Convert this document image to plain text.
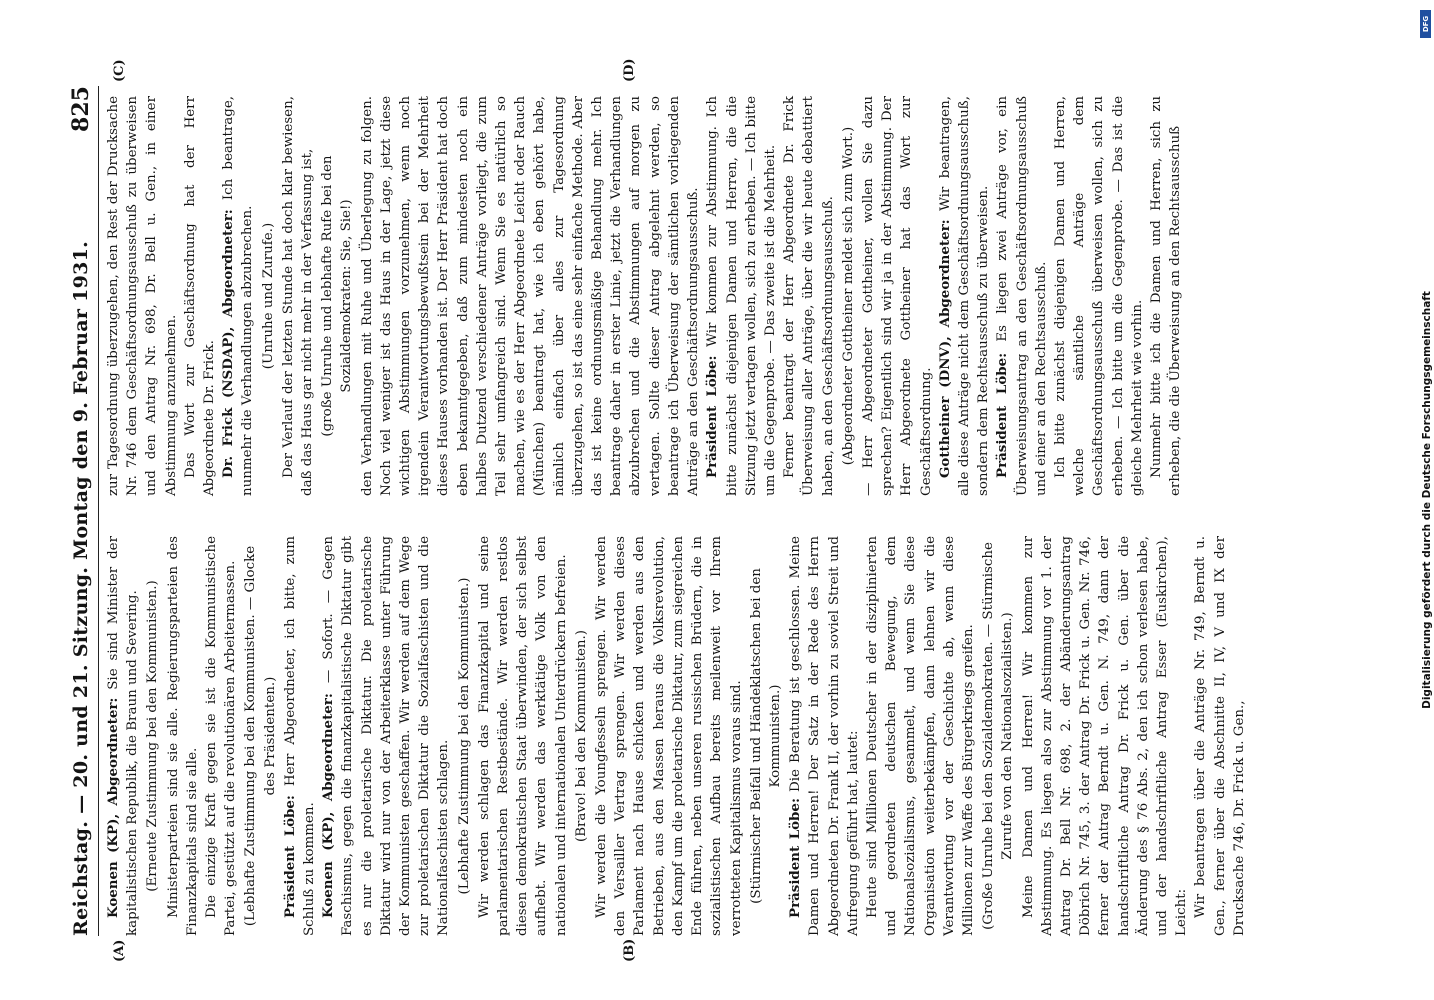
Reichstag. — 20. und 21. Sitzung. Montag den 9. Februar 1931.
825
(A)	(B)
(C)	(D)

Koenen (KP), Abgeordneter: Sie sind Minister der kapitalistischen Republik, die Braun und Severing. (Erneute Zustimmung bei den Kommunisten.) Ministerparteien sind sie alle. Regierungsparteien des Finanzkapitals sind sie alle. Die einzige Kraft gegen sie ist die Kommunistische Partei, gestützt auf die revolutionären Arbeitermassen. (Lebhafte Zustimmung bei den Kommunisten. — Glocke des Präsidenten.)

Präsident Löbe: Herr Abgeordneter, ich bitte, zum Schluß zu kommen. Koenen (KP), Abgeordneter: — Sofort. — Gegen Faschismus, gegen die finanzkapitalistische Diktatur gibt es nur die proletarische Diktatur. Die proletarische Diktatur wird nur von der Arbeiterklasse unter Führung der Kommunisten geschaffen. Wir werden auf dem Wege zur proletarischen Diktatur die Sozialfaschisten und die Nationalfaschisten schlagen. (Lebhafte Zustimmung bei den Kommunisten.) Wir werden schlagen das Finanzkapital und seine parlamentarischen Restbestände. Wir werden restlos diesen demokratischen Staat überwinden, der sich selbst aufhebt. Wir werden das werktätige Volk von den nationalen und internationalen Unterdrückern befreien. (Bravo! bei den Kommunisten.) Wir werden die Youngfesseln sprengen. Wir werden den Versailler Vertrag sprengen. Wir werden dieses Parlament nach Hause schicken und werden aus den Betrieben, aus den Massen heraus die Volksrevolution, den Kampf um die proletarische Diktatur, zum siegreichen Ende führen, neben unseren russischen Brüdern, die in sozialistischen Aufbau bereits meilenweit vor Ihrem verrotteten Kapitalismus voraus sind. (Stürmischer Beifall und Händeklatschen bei den Kommunisten.)

Präsident Löbe: Die Beratung ist geschlossen. Meine Damen und Herren! Der Satz in der Rede des Herrn Abgeordneten Dr. Frank II, der vorhin zu soviel Streit und Aufregung geführt hat, lautet: Heute sind Millionen Deutscher in der disziplinierten und geordneten deutschen Bewegung, dem Nationalsozialismus, gesammelt, und wenn Sie diese Organisation weiterbekämpfen, dann lehnen wir die Verantwortung vor der Geschichte ab, wenn diese Millionen zur Waffe des Bürgerkriegs greifen. (Große Unruhe bei den Sozialdemokraten. — Stürmische Zurufe von den Nationalsozialisten.) Meine Damen und Herren! Wir kommen zur Abstimmung. Es liegen also zur Abstimmung vor 1. der Antrag Dr. Bell Nr. 698, 2. der Abänderungsantrag Döbrich Nr. 745, 3. der Antrag Dr. Frick u. Gen. Nr. 746, ferner der Antrag Berndt u. Gen. N. 749, dann der handschriftliche Antrag Dr. Frick u. Gen. über die Änderung des § 76 Abs. 2, den ich schon verlesen habe, und der handschriftliche Antrag Esser (Euskirchen), Leicht: Wir beantragen über die Anträge Nr. 749, Berndt u. Gen., ferner über die Abschnitte II, IV, V und IX der Drucksache 746, Dr. Frick u. Gen.,

zur Tagesordnung überzugehen, den Rest der Drucksache Nr. 746 dem Geschäftsordnungsausschuß zu überweisen und den Antrag Nr. 698, Dr. Bell u. Gen., in einer Abstimmung anzunehmen. Das Wort zur Geschäftsordnung hat der Herr Abgeordnete Dr. Frick. Dr. Frick (NSDAP), Abgeordneter: Ich beantrage, nunmehr die Verhandlungen abzubrechen. (Unruhe und Zurufe.) Der Verlauf der letzten Stunde hat doch klar bewiesen, daß das Haus gar nicht mehr in der Verfassung ist, (große Unruhe und lebhafte Rufe bei den Sozialdemokraten: Sie, Sie!) den Verhandlungen mit Ruhe und Überlegung zu folgen. Noch viel weniger ist das Haus in der Lage, jetzt diese wichtigen Abstimmungen vorzunehmen, wenn noch irgendein Verantwortungsbewußtsein bei der Mehrheit dieses Hauses vorhanden ist. Der Herr Präsident hat doch eben bekanntgegeben, daß zum mindesten noch ein halbes Dutzend verschiedener Anträge vorliegt, die zum Teil sehr umfangreich sind. Wenn Sie es natürlich so machen, wie es der Herr Abgeordnete Leicht oder Rauch (München) beantragt hat, wie ich eben gehört habe, nämlich einfach über alles zur Tagesordnung überzugehen, so ist das eine sehr einfache Methode. Aber das ist keine ordnungsmäßige Behandlung mehr. Ich beantrage daher in erster Linie, jetzt die Verhandlungen abzubrechen und die Abstimmungen auf morgen zu vertagen. Sollte dieser Antrag abgelehnt werden, so beantrage ich Überweisung der sämtlichen vorliegenden Anträge an den Geschäftsordnungsausschuß. Präsident Löbe: Wir kommen zur Abstimmung. Ich bitte zunächst diejenigen Damen und Herren, die die Sitzung jetzt vertagen wollen, sich zu erheben. — Ich bitte um die Gegenprobe. — Das zweite ist die Mehrheit. Ferner beantragt der Herr Abgeordnete Dr. Frick Überweisung aller Anträge, über die wir heute debattiert haben, an den Geschäftsordnungsausschuß. (Abgeordneter Gottheiner meldet sich zum Wort.) — Herr Abgeordneter Gottheiner, wollen Sie dazu sprechen? Eigentlich sind wir ja in der Abstimmung. Der Herr Abgeordnete Gottheiner hat das Wort zur Geschäftsordnung. Gottheiner (DNV), Abgeordneter: Wir beantragen, alle diese Anträge nicht dem Geschäftsordnungsausschuß, sondern dem Rechtsausschuß zu überweisen. Präsident Löbe: Es liegen zwei Anträge vor, ein Überweisungsantrag an den Geschäftsordnungsausschuß und einer an den Rechtsausschuß. Ich bitte zunächst diejenigen Damen und Herren, welche sämtliche Anträge dem Geschäftsordnungsausschuß überweisen wollen, sich zu erheben. — Ich bitte um die Gegenprobe. — Das ist die gleiche Mehrheit wie vorhin. Nunmehr bitte ich die Damen und Herren, sich zu erheben, die die Überweisung an den Rechtsausschuß

DFG
Digitalisierung gefördert durch die Deutsche Forschungsgemeinschaft
